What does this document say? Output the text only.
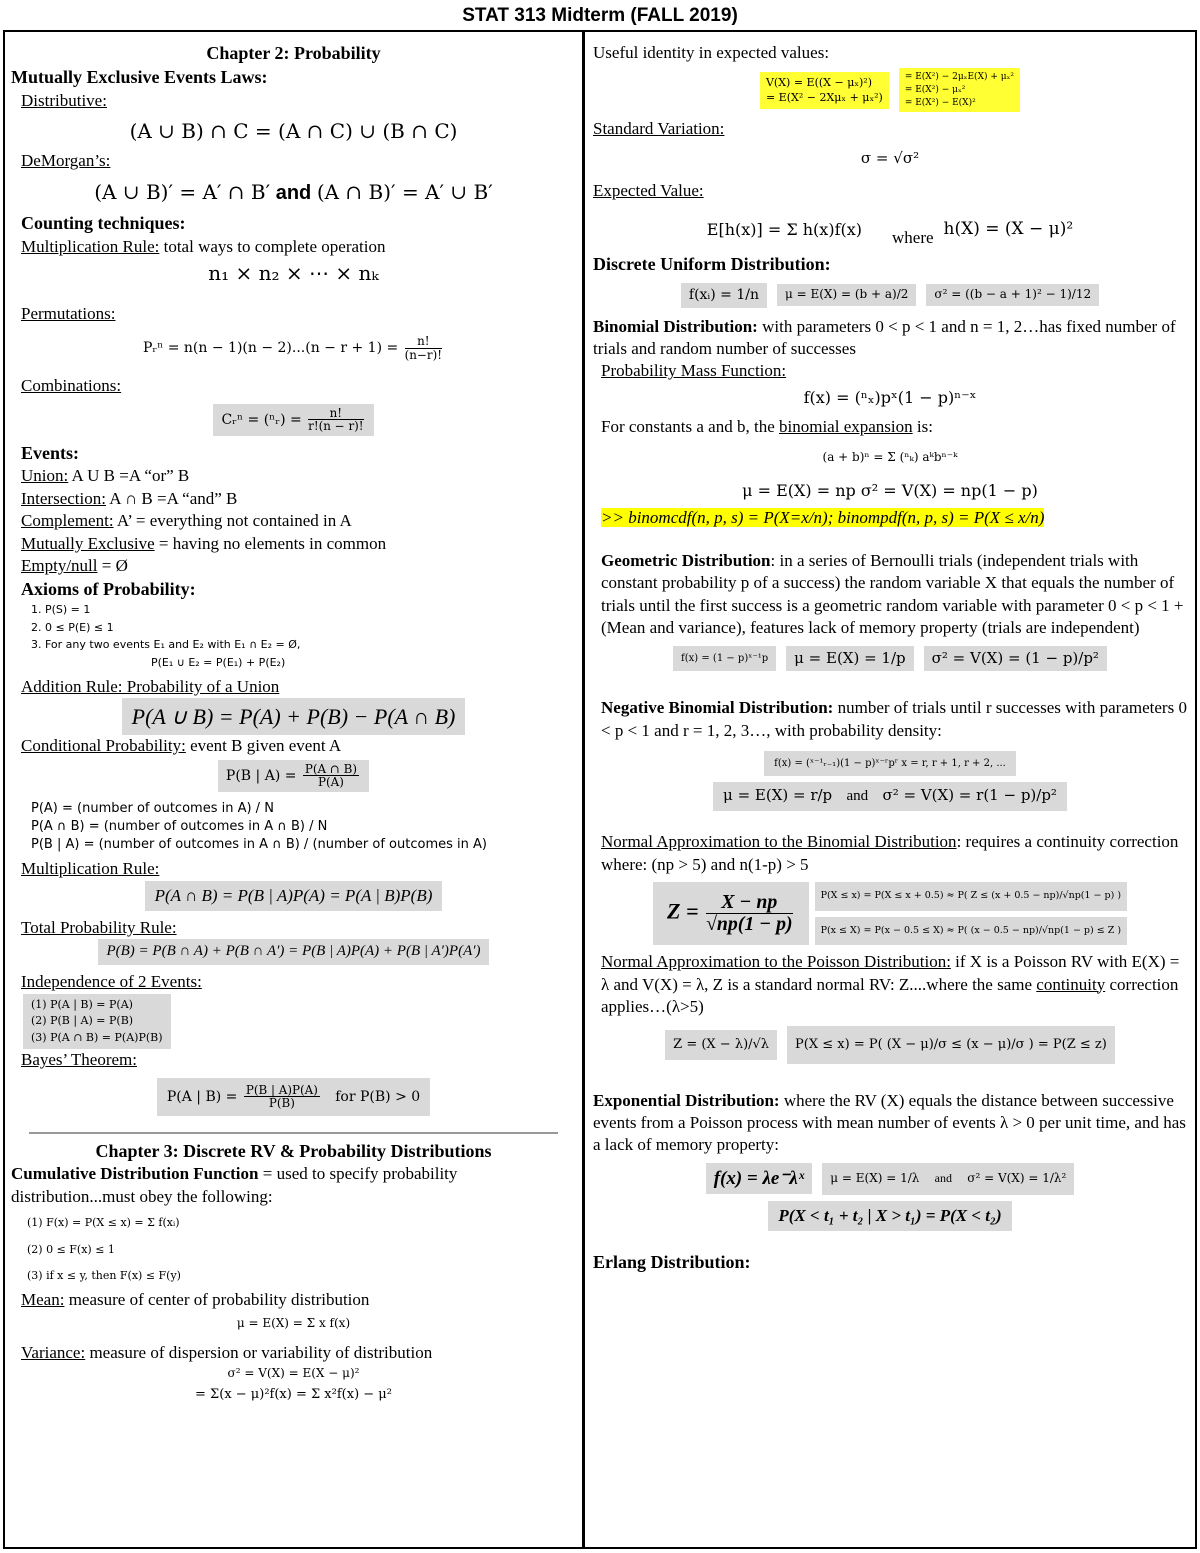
STAT 313 Midterm (FALL 2019)
Chapter 2: Probability
Mutually Exclusive Events Laws:
Distributive:
(A ∪ B) ∩ C = (A ∩ C) ∪ (B ∩ C)
DeMorgan’s:
(A ∪ B)′ = A′ ∩ B′ and (A ∩ B)′ = A′ ∪ B′
Counting techniques:
Multiplication Rule: total ways to complete operation
n₁ × n₂ × ⋯ × nₖ
Permutations:
Pᵣⁿ = $n(n - 1)(n - 2)...(n - r + 1) = \frac{n!}{(n-r)!}$
Combinations:
Cᵣⁿ = (ⁿᵣ) = $\frac{n!}{r!(n - r)!}$
Events:
Union: A U B =A “or” B
Intersection: A ∩ B =A “and” B
Complement: A’ = everything not contained in A
Mutually Exclusive = having no elements in common
Empty/null = Ø
Axioms of Probability:
1. P(S) = 1
2. 0 ≤ P(E) ≤ 1
3. For any two events E₁ and E₂ with E₁ ∩ E₂ = Ø,
P(E₁ ∪ E₂ = P(E₁) + P(E₂)
Addition Rule: Probability of a Union
P(A ∪ B) = P(A) + P(B) − P(A ∩ B)
Conditional Probability: event B given event A
P(B | $A) = \frac{P(A \cap B)}{P(A)}$
P(A) = (number of outcomes in A) / N
P(A ∩ B) = (number of outcomes in A ∩ B) / N
P(B | A) = (number of outcomes in A ∩ B) / (number of outcomes in A)
Multiplication Rule:
P(A ∩ B) = P(B | A)P(A) = P(A | B)P(B)
Total Probability Rule:
P(B) = P(B ∩ A) + P(B ∩ A′) = P(B | A)P(A) + P(B | A′)P(A′)
Independence of 2 Events:
(1) P(A | B) = P(A)
(2) P(B | A) = P(B)
(3) P(A ∩ B) = P(A)P(B)
Bayes’ Theorem:
P(A | $B) = \frac{P(B | A)P(A)}{P(B)}$ for P(B) > 0
Chapter 3: Discrete RV & Probability Distributions
Cumulative Distribution Function = used to specify probability distribution...must obey the following:
(1) F(x) = P(X ≤ x) = Σ f(xᵢ)
(2) 0 ≤ F(x) ≤ 1
(3) if x ≤ y, then F(x) ≤ F(y)
Mean: measure of center of probability distribution
μ = E(X) = Σ x f(x)
Variance: measure of dispersion or variability of distribution
σ² = V(X) = E(X − μ)²
= Σ(x − μ)²f(x) = Σ x²f(x) − μ²
Useful identity in expected values:
V(X) = E((X − μₓ)²)
= E(X² − 2Xμₓ + μₓ²)
= E(X²) − 2μₓE(X) + μₓ²
= E(X²) − μₓ²
= E(X²) − E(X)²
Standard Variation:
σ = √σ²
Expected Value:
E[h(x)] = Σ h(x)f(x) where h(X) = (X − μ)²
Discrete Uniform Distribution:
f(xᵢ) = 1/n	μ = E(X) = (b + a)/2	σ² = ((b − a + 1)² − 1)/12
Binomial Distribution: with parameters 0 < p < 1 and n = 1, 2…has fixed number of trials and random number of successes
Probability Mass Function:
f(x) = (ⁿₓ)pˣ(1 − p)ⁿ⁻ˣ
For constants a and b, the binomial expansion is:
(a + b)ⁿ = Σ (ⁿₖ) aᵏbⁿ⁻ᵏ
μ = E(X) = np σ² = V(X) = np(1 − p)
>> binomcdf(n, p, s) = P(X=x/n); binompdf(n, p, s) = P(X ≤ x/n)
Geometric Distribution: in a series of Bernoulli trials (independent trials with constant probability p of a success) the random variable X that equals the number of trials until the first success is a geometric random variable with parameter 0 < p < 1 + (Mean and variance), features lack of memory property (trials are independent)
f(x) = (1 − p)ˣ⁻¹p	μ = E(X) = 1/p	σ² = V(X) = (1 − p)/p²
Negative Binomial Distribution: number of trials until r successes with parameters 0 < p < 1 and r = 1, 2, 3…, with probability density:
f(x) = (ˣ⁻¹ᵣ₋₁)(1 − p)ˣ⁻ʳpʳ x = r, r + 1, r + 2, ...
μ = E(X) = r/p and σ² = V(X) = r(1 − p)/p²
Normal Approximation to the Binomial Distribution: requires a continuity correction where: (np > 5) and n(1-p) > 5
$Z = \frac{X - np}{√np(1 - p)}$	P(X ≤ x) = P(X ≤ x + 0.5) ≈ P( Z ≤ (x + 0.5 − np)/√np(1 − p) )
P(x ≤ X) = P(x − 0.5 ≤ X) ≈ P( (x − 0.5 − np)/√np(1 − p) ≤ Z )
Normal Approximation to the Poisson Distribution: if X is a Poisson RV with E(X) = λ and V(X) = λ, Z is a standard normal RV: Z....where the same continuity correction applies…(λ>5)
Z = (X − λ)/√λ	P(X ≤ x) = P( (X − μ)/σ ≤ (x − μ)/σ ) = P(Z ≤ z)
Exponential Distribution: where the RV (X) equals the distance between successive events from a Poisson process with mean number of events λ > 0 per unit time, and has a lack of memory property:
f(x) = λe⁻λˣ	μ = E(X) = 1/λ and σ² = V(X) = 1/λ²
P(X < t₁ + t₂ | X > t₁) = P(X < t₂)
Erlang Distribution:
